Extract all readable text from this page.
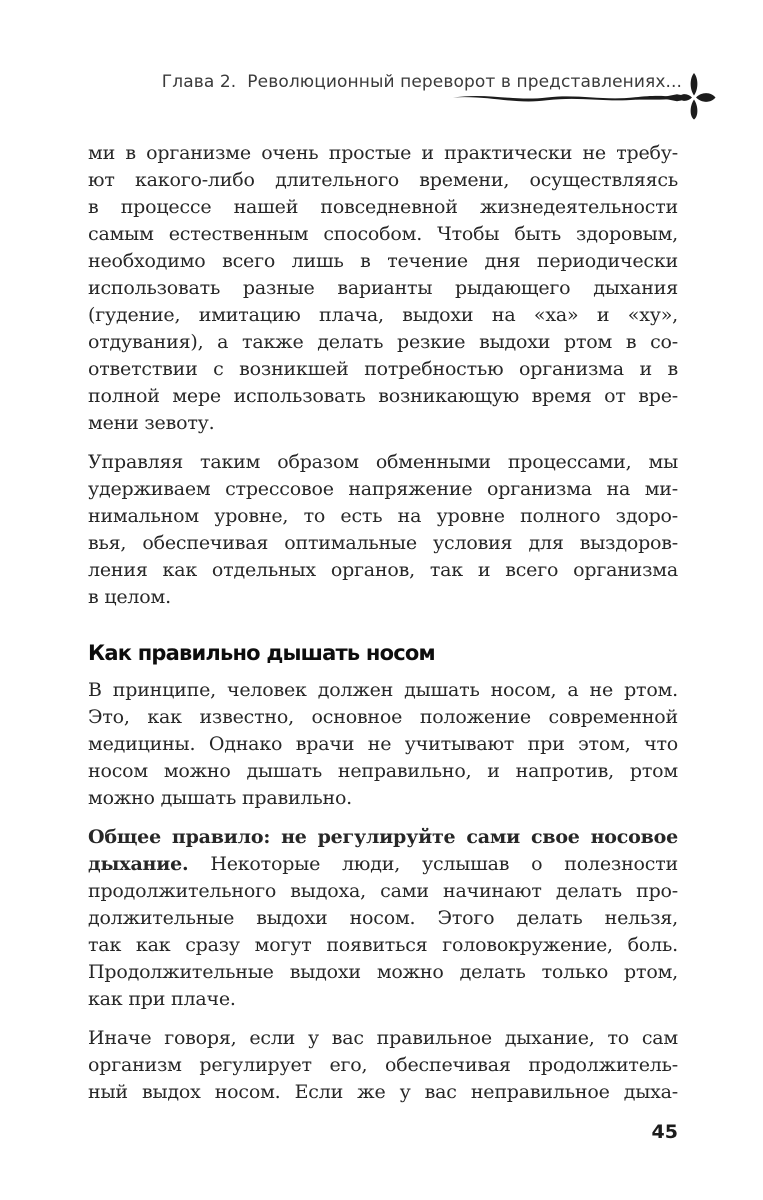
Глава 2.  Революционный переворот в представлениях...

ми в организме очень простые и практически не требу-
ют какого-либо длительного времени, осуществляясь
в процессе нашей повседневной жизнедеятельности
самым естественным способом. Чтобы быть здоровым,
необходимо всего лишь в течение дня периодически
использовать разные варианты рыдающего дыхания
(гудение, имитацию плача, выдохи на «ха» и «ху»,
отдувания), а также делать резкие выдохи ртом в со-
ответствии с возникшей потребностью организма и в
полной мере использовать возникающую время от вре-
мени зевоту.

Управляя таким образом обменными процессами, мы
удерживаем стрессовое напряжение организма на ми-
нимальном уровне, то есть на уровне полного здоро-
вья, обеспечивая оптимальные условия для выздоров-
ления как отдельных органов, так и всего организма
в целом.

Как правильно дышать носом

В принципе, человек должен дышать носом, а не ртом.
Это, как известно, основное положение современной
медицины. Однако врачи не учитывают при этом, что
носом можно дышать неправильно, и напротив, ртом
можно дышать правильно.

Общее правило: не регулируйте сами свое носовое
дыхание. Некоторые люди, услышав о полезности
продолжительного выдоха, сами начинают делать про-
должительные выдохи носом. Этого делать нельзя,
так как сразу могут появиться головокружение, боль.
Продолжительные выдохи можно делать только ртом,
как при плаче.

Иначе говоря, если у вас правильное дыхание, то сам
организм регулирует его, обеспечивая продолжитель-
ный выдох носом. Если же у вас неправильное дыха-

45
